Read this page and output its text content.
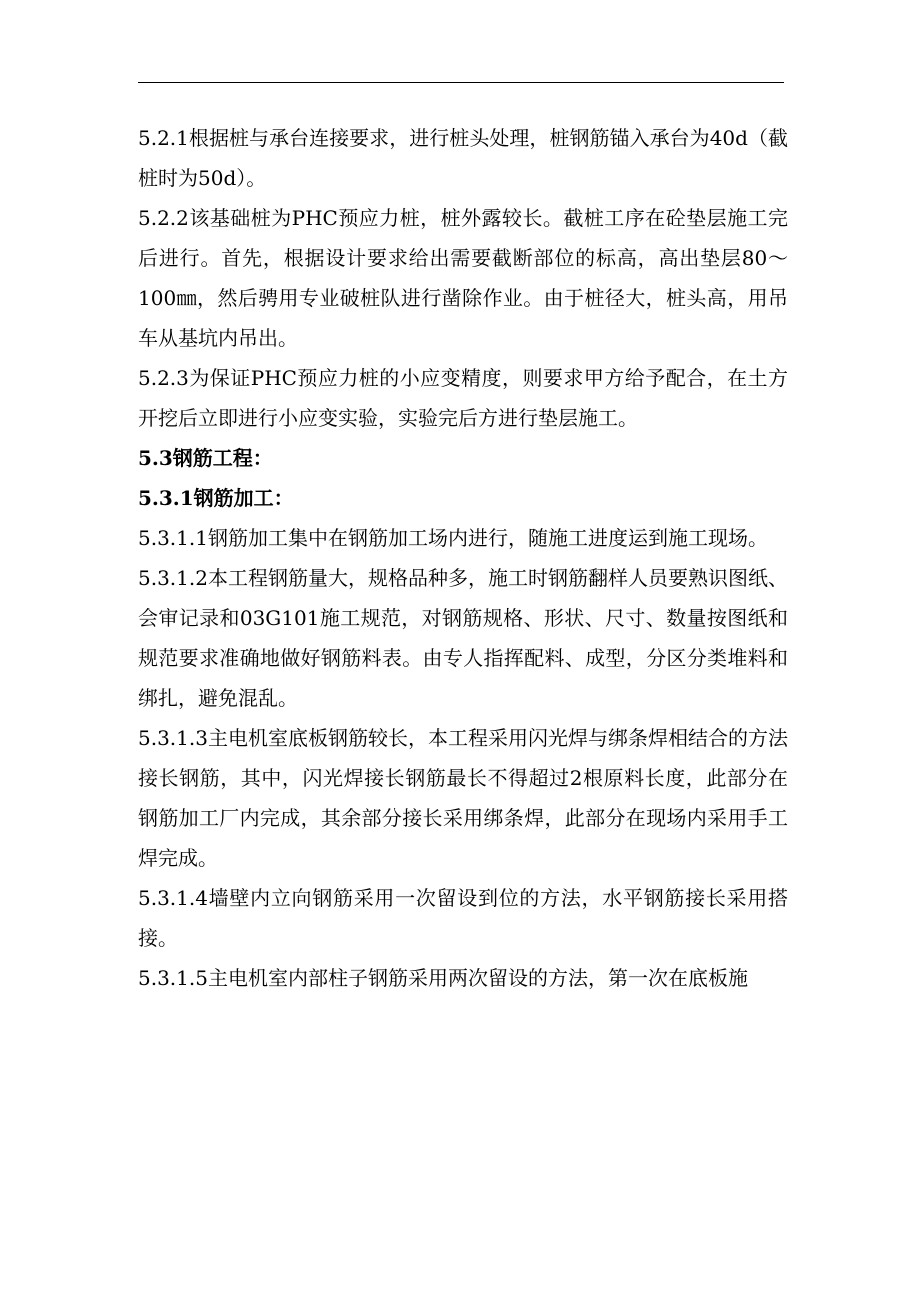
5.2.1根据桩与承台连接要求，进行桩头处理，桩钢筋锚入承台为40d（截桩时为50d）。

5.2.2该基础桩为PHC预应力桩，桩外露较长。截桩工序在砼垫层施工完后进行。首先，根据设计要求给出需要截断部位的标高，高出垫层80～100㎜，然后骋用专业破桩队进行凿除作业。由于桩径大，桩头高，用吊车从基坑内吊出。

5.2.3为保证PHC预应力桩的小应变精度，则要求甲方给予配合，在土方开挖后立即进行小应变实验，实验完后方进行垫层施工。

5.3钢筋工程：

5.3.1钢筋加工：

5.3.1.1钢筋加工集中在钢筋加工场内进行，随施工进度运到施工现场。

5.3.1.2本工程钢筋量大，规格品种多，施工时钢筋翻样人员要熟识图纸、会审记录和03G101施工规范，对钢筋规格、形状、尺寸、数量按图纸和规范要求准确地做好钢筋料表。由专人指挥配料、成型，分区分类堆料和绑扎，避免混乱。

5.3.1.3主电机室底板钢筋较长，本工程采用闪光焊与绑条焊相结合的方法接长钢筋，其中，闪光焊接长钢筋最长不得超过2根原料长度，此部分在钢筋加工厂内完成，其余部分接长采用绑条焊，此部分在现场内采用手工焊完成。

5.3.1.4墙壁内立向钢筋采用一次留设到位的方法，水平钢筋接长采用搭接。

5.3.1.5主电机室内部柱子钢筋采用两次留设的方法，第一次在底板施
